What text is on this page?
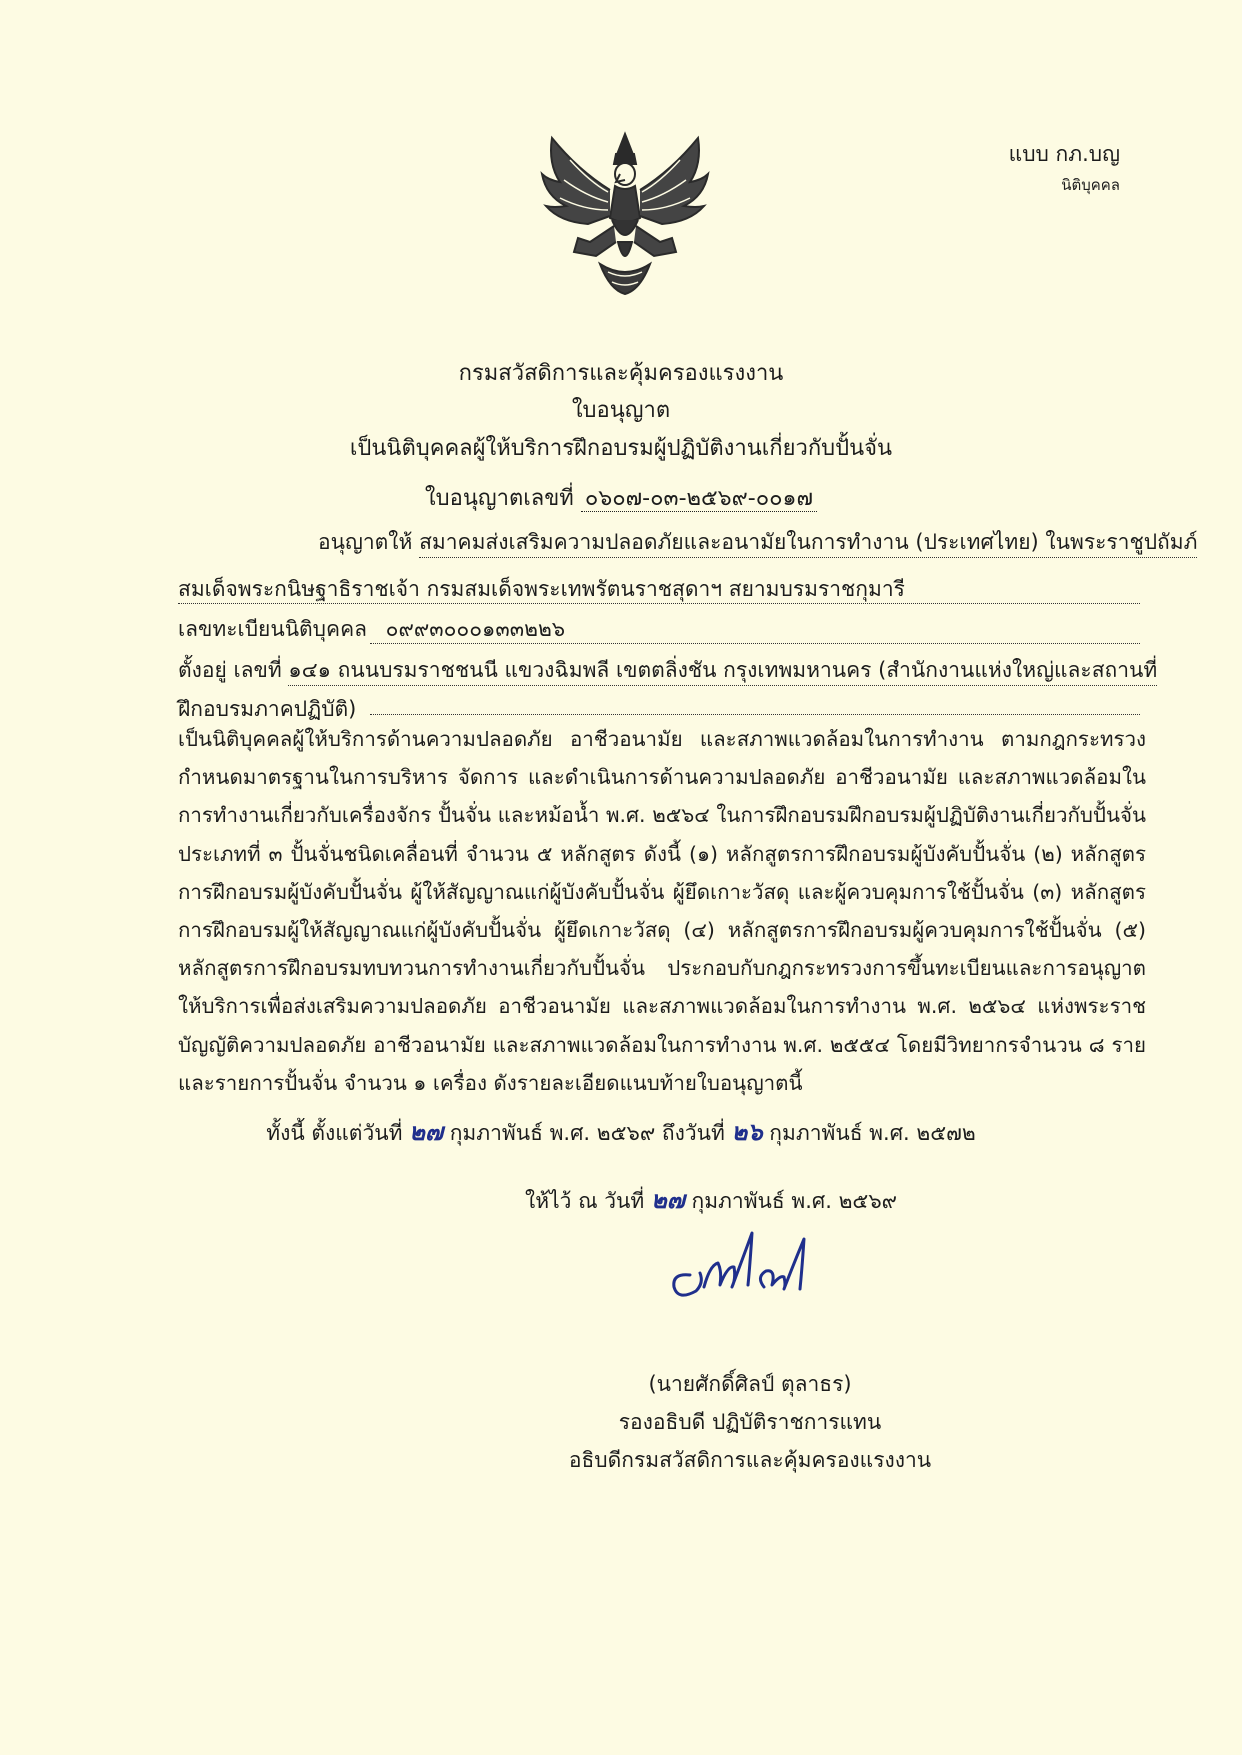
แบบ กภ.บญ
นิติบุคคล
กรมสวัสดิการและคุ้มครองแรงงาน
ใบอนุญาต
เป็นนิติบุคคลผู้ให้บริการฝึกอบรมผู้ปฏิบัติงานเกี่ยวกับปั้นจั่น
ใบอนุญาตเลขที่ ๐๖๐๗-๐๓-๒๕๖๙-๐๐๑๗
อนุญาตให้ สมาคมส่งเสริมความปลอดภัยและอนามัยในการทำงาน (ประเทศไทย) ในพระราชูปถัมภ์
สมเด็จพระกนิษฐาธิราชเจ้า กรมสมเด็จพระเทพรัตนราชสุดาฯ สยามบรมราชกุมารี
เลขทะเบียนนิติบุคคล ๐๙๙๓๐๐๐๑๓๓๒๒๖
ตั้งอยู่ เลขที่ ๑๔๑ ถนนบรมราชชนนี แขวงฉิมพลี เขตตลิ่งชัน กรุงเทพมหานคร (สำนักงานแห่งใหญ่และสถานที่
ฝึกอบรมภาคปฏิบัติ)
เป็นนิติบุคคลผู้ให้บริการด้านความปลอดภัย อาชีวอนามัย และสภาพแวดล้อมในการทำงาน ตามกฎกระทรวงกำหนดมาตรฐานในการบริหาร จัดการ และดำเนินการด้านความปลอดภัย อาชีวอนามัย และสภาพแวดล้อมในการทำงานเกี่ยวกับเครื่องจักร ปั้นจั่น และหม้อน้ำ พ.ศ. ๒๕๖๔ ในการฝึกอบรมฝึกอบรมผู้ปฏิบัติงานเกี่ยวกับปั้นจั่น ประเภทที่ ๓ ปั้นจั่นชนิดเคลื่อนที่ จำนวน ๕ หลักสูตร ดังนี้ (๑) หลักสูตรการฝึกอบรมผู้บังคับปั้นจั่น (๒) หลักสูตรการฝึกอบรมผู้บังคับปั้นจั่น ผู้ให้สัญญาณแก่ผู้บังคับปั้นจั่น ผู้ยึดเกาะวัสดุ และผู้ควบคุมการใช้ปั้นจั่น (๓) หลักสูตรการฝึกอบรมผู้ให้สัญญาณแก่ผู้บังคับปั้นจั่น ผู้ยึดเกาะวัสดุ (๔) หลักสูตรการฝึกอบรมผู้ควบคุมการใช้ปั้นจั่น (๕) หลักสูตรการฝึกอบรมทบทวนการทำงานเกี่ยวกับปั้นจั่น ประกอบกับกฎกระทรวงการขึ้นทะเบียนและการอนุญาตให้บริการเพื่อส่งเสริมความปลอดภัย อาชีวอนามัย และสภาพแวดล้อมในการทำงาน พ.ศ. ๒๕๖๔ แห่งพระราชบัญญัติความปลอดภัย อาชีวอนามัย และสภาพแวดล้อมในการทำงาน พ.ศ. ๒๕๕๔ โดยมีวิทยากรจำนวน ๘ ราย และรายการปั้นจั่น จำนวน ๑ เครื่อง ดังรายละเอียดแนบท้ายใบอนุญาตนี้
ทั้งนี้ ตั้งแต่วันที่ ๒๗ กุมภาพันธ์ พ.ศ. ๒๕๖๙ ถึงวันที่ ๒๖ กุมภาพันธ์ พ.ศ. ๒๕๗๒
ให้ไว้ ณ วันที่ ๒๗ กุมภาพันธ์ พ.ศ. ๒๕๖๙
(นายศักดิ์ศิลป์ ตุลาธร)
รองอธิบดี ปฏิบัติราชการแทน
อธิบดีกรมสวัสดิการและคุ้มครองแรงงาน
